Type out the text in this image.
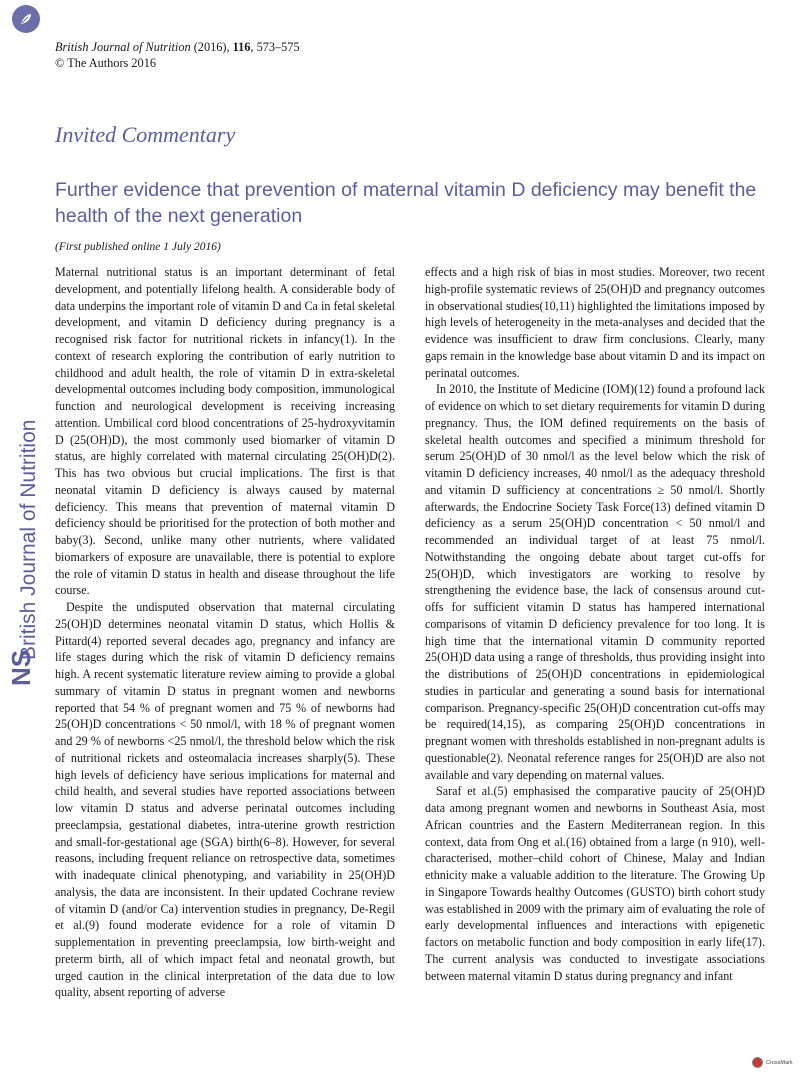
British Journal of Nutrition (2016), 116, 573–575
© The Authors 2016
Invited Commentary
Further evidence that prevention of maternal vitamin D deficiency may benefit the health of the next generation
(First published online 1 July 2016)
British Journal of Nutrition
NS

Maternal nutritional status is an important determinant of fetal development, and potentially lifelong health. A considerable body of data underpins the important role of vitamin D and Ca in fetal skeletal development, and vitamin D deficiency during pregnancy is a recognised risk factor for nutritional rickets in infancy(1). In the context of research exploring the contribution of early nutrition to childhood and adult health, the role of vitamin D in extra-skeletal developmental outcomes including body composition, immunological function and neurological development is receiving increasing attention. Umbilical cord blood concentrations of 25-hydroxyvitamin D (25(OH)D), the most commonly used biomarker of vitamin D status, are highly correlated with maternal circulating 25(OH)D(2). This has two obvious but crucial implications. The first is that neonatal vitamin D deficiency is always caused by maternal deficiency. This means that prevention of maternal vitamin D deficiency should be prioritised for the protection of both mother and baby(3). Second, unlike many other nutrients, where validated biomarkers of exposure are unavailable, there is potential to explore the role of vitamin D status in health and disease throughout the life course.

Despite the undisputed observation that maternal circulating 25(OH)D determines neonatal vitamin D status, which Hollis & Pittard(4) reported several decades ago, pregnancy and infancy are life stages during which the risk of vitamin D deficiency remains high. A recent systematic literature review aiming to provide a global summary of vitamin D status in pregnant women and newborns reported that 54 % of pregnant women and 75 % of newborns had 25(OH)D concentrations < 50 nmol/l, with 18 % of pregnant women and 29 % of newborns <25 nmol/l, the threshold below which the risk of nutritional rickets and osteomalacia increases sharply(5). These high levels of deficiency have serious implications for maternal and child health, and several studies have reported associations between low vitamin D status and adverse perinatal outcomes including preeclampsia, gestational diabetes, intra-uterine growth restriction and small-for-gestational age (SGA) birth(6–8). However, for several reasons, including frequent reliance on retrospective data, sometimes with inadequate clinical phenotyping, and variability in 25(OH)D analysis, the data are inconsistent. In their updated Cochrane review of vitamin D (and/or Ca) intervention studies in pregnancy, De-Regil et al.(9) found moderate evidence for a role of vitamin D supplementation in preventing preeclampsia, low birth-weight and preterm birth, all of which impact fetal and neonatal growth, but urged caution in the clinical interpretation of the data due to low quality, absent reporting of adverse

effects and a high risk of bias in most studies. Moreover, two recent high-profile systematic reviews of 25(OH)D and pregnancy outcomes in observational studies(10,11) highlighted the limitations imposed by high levels of heterogeneity in the meta-analyses and decided that the evidence was insufficient to draw firm conclusions. Clearly, many gaps remain in the knowledge base about vitamin D and its impact on perinatal outcomes.

In 2010, the Institute of Medicine (IOM)(12) found a profound lack of evidence on which to set dietary requirements for vitamin D during pregnancy. Thus, the IOM defined requirements on the basis of skeletal health outcomes and specified a minimum threshold for serum 25(OH)D of 30 nmol/l as the level below which the risk of vitamin D deficiency increases, 40 nmol/l as the adequacy threshold and vitamin D sufficiency at concentrations ≥ 50 nmol/l. Shortly afterwards, the Endocrine Society Task Force(13) defined vitamin D deficiency as a serum 25(OH)D concentration < 50 nmol/l and recommended an individual target of at least 75 nmol/l. Notwithstanding the ongoing debate about target cut-offs for 25(OH)D, which investigators are working to resolve by strengthening the evidence base, the lack of consensus around cut-offs for sufficient vitamin D status has hampered international comparisons of vitamin D deficiency prevalence for too long. It is high time that the international vitamin D community reported 25(OH)D data using a range of thresholds, thus providing insight into the distributions of 25(OH)D concentrations in epidemiological studies in particular and generating a sound basis for international comparison. Pregnancy-specific 25(OH)D concentration cut-offs may be required(14,15), as comparing 25(OH)D concentrations in pregnant women with thresholds established in non-pregnant adults is questionable(2). Neonatal reference ranges for 25(OH)D are also not available and vary depending on maternal values.

Saraf et al.(5) emphasised the comparative paucity of 25(OH)D data among pregnant women and newborns in Southeast Asia, most African countries and the Eastern Mediterranean region. In this context, data from Ong et al.(16) obtained from a large (n 910), well-characterised, mother–child cohort of Chinese, Malay and Indian ethnicity make a valuable addition to the literature. The Growing Up in Singapore Towards healthy Outcomes (GUSTO) birth cohort study was established in 2009 with the primary aim of evaluating the role of early developmental influences and interactions with epigenetic factors on metabolic function and body composition in early life(17). The current analysis was conducted to investigate associations between maternal vitamin D status during pregnancy and infant

CrossMark
